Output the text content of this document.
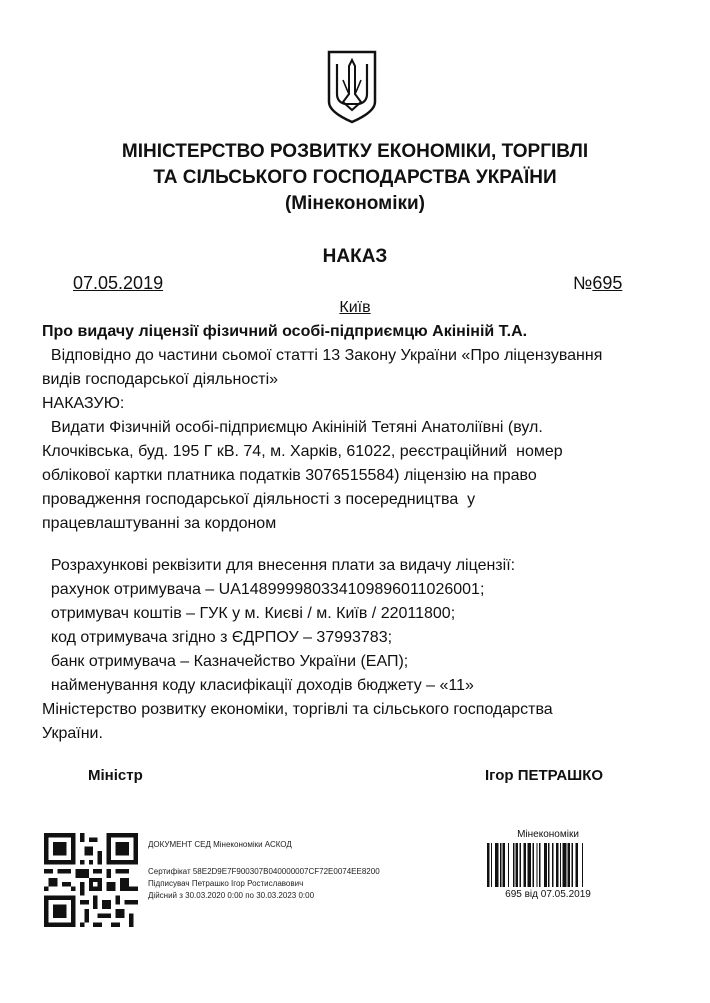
МІНІСТЕРСТВО РОЗВИТКУ ЕКОНОМІКИ, ТОРГІВЛІ
ТА СІЛЬСЬКОГО ГОСПОДАРСТВА УКРАЇНИ
(Мінекономіки)
НАКАЗ
07.05.2019	№695
Київ
Про видачу ліцензії фізичний особі-підприємцю Акініній Т.А.
Відповідно до частини сьомої статті 13 Закону України «Про ліцензування
видів господарської діяльності»
НАКАЗУЮ:
Видати Фізичній особі-підприємцю Акініній Тетяні Анатоліївні (вул.
Клочківська, буд. 195 Г кВ. 74, м. Харків, 61022, реєстраційний  номер
облікової картки платника податків 3076515584) ліцензію на право
провадження господарської діяльності з посередництва  у
працевлаштуванні за кордоном
Розрахункові реквізити для внесення плати за видачу ліцензії:
рахунок отримувача – UA148999980334109896011026001;
отримувач коштів – ГУК у м. Києві / м. Київ / 22011800;
код отримувача згідно з ЄДРПОУ – 37993783;
банк отримувача – Казначейство України (ЕАП);
найменування коду класифікації доходів бюджету – «11»
Міністерство розвитку економіки, торгівлі та сільського господарства
України.
Міністр	Ігор ПЕТРАШКО
ДОКУМЕНТ СЕД Мінекономіки АСКОД
Сертифікат 58E2D9E7F900307B040000007CF72E0074EE8200
Підписувач Петрашко Ігор Ростиславович
Дійсний з 30.03.2020 0:00 по 30.03.2023 0:00
Мінекономіки
695 від 07.05.2019
